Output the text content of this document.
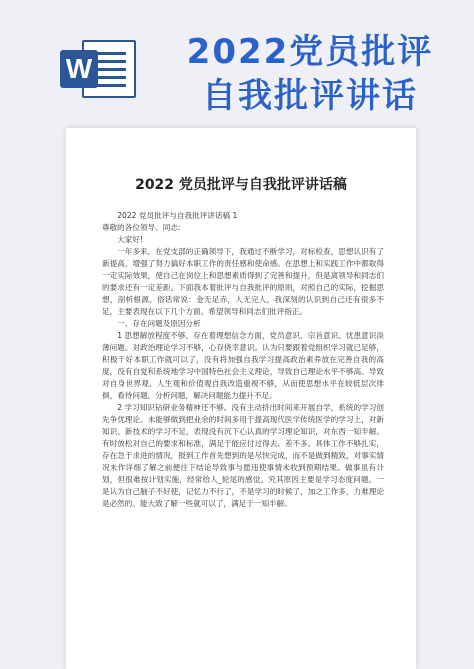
W	2022党员批评
自我批评讲话
2022 党员批评与自我批评讲话稿

2022 党员批评与自我批评讲话稿 1

尊敬的各位领导、同志:

大家好!

一年多来，在党支部的正确领导下，我通过不断学习，对标检查，思想认识有了新提高，增强了努力搞好本职工作的责任感和使命感。在思想上和实践工作中都取得一定实际效果，使自己在岗位上和思想素质得到了完善和提升，但是离领导和同志们的要求还有一定差距。下面我本着批评与自我批评的原则，对照自己的实际，挖掘思想，剖析根源。俗话常说：金无足赤，人无完人，我深刻的认识到自己还有很多不足，主要表现在以下几个方面。希望领导和同志们批评指正。

一、存在问题及原因分析

1 思想解放程度不够。存在着理想信念方面，党员意识、宗旨意识、忧患意识淡薄问题。对政治理论学习不够，心存侥幸意识。认为只要跟着党组织学习就已足够，积极干好本职工作就可以了，没有将加强自我学习提高政治素养放在完善自我的高度，没有自觉和系统地学习中国特色社会主义理论，导致自己理论水平不够高。导致对自身世界观、人生观和价值观自我改造重视不够，从而使思想水平在较低层次徘徊，看待问题、分析问题，解决问题能力提升不足。

2 学习知识钻研业务精神还不够。没有主动挤出时间来开展自学，系统的学习创先争优理论。未能够做到把业余的时间多用于提高现代医学传统医学的学习上，对新知识、新技术的学习不足，表现没有沉下心认真的学习理论知识，对东西一知半解。有时放松对自己的要求和标准，满足于能应付过得去、差不多。具体工作不够扎实，存在急于求进的情况，报到工作首先想到的是尽快完成，而不是做到精致，对事实情况未作详细了解之前便往下结论导致事与愿违使事情未收到预期结果。做事虽有计划，但很难按计划实施，经常给人_轮尾的感觉。究其原因主要是学习态度问题。一是认为自己脑子不好使，记忆力不行了，不是学习的时候了，加之工作多，力难理论是必然的。能大致了解一些就可以了，满足于一知半解。
